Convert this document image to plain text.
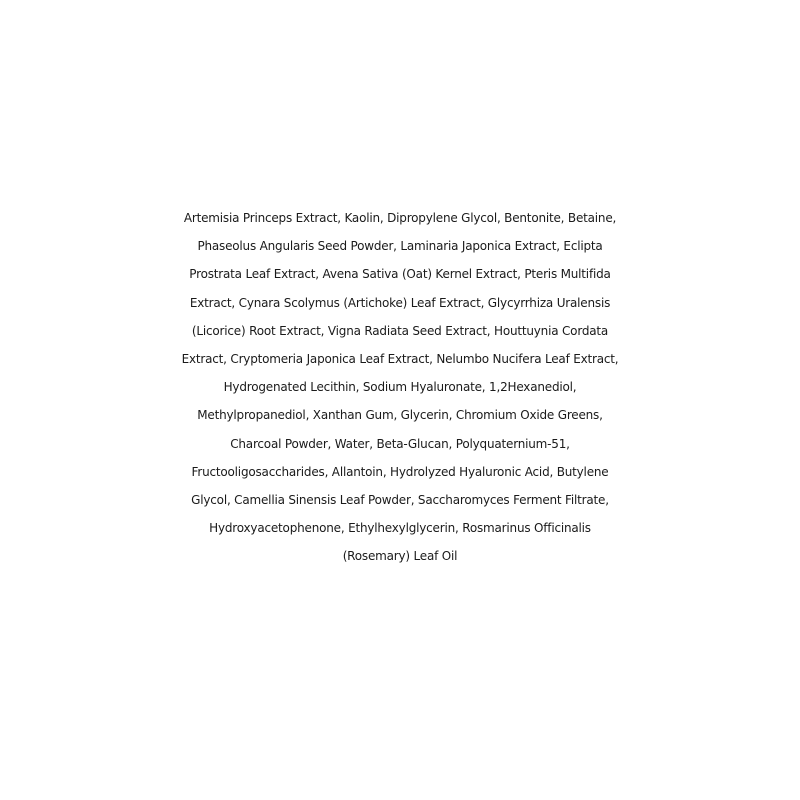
Artemisia Princeps Extract, Kaolin, Dipropylene Glycol, Bentonite, Betaine,
Phaseolus Angularis Seed Powder, Laminaria Japonica Extract, Eclipta
Prostrata Leaf Extract, Avena Sativa (Oat) Kernel Extract, Pteris Multifida
Extract, Cynara Scolymus (Artichoke) Leaf Extract, Glycyrrhiza Uralensis
(Licorice) Root Extract, Vigna Radiata Seed Extract, Houttuynia Cordata
Extract, Cryptomeria Japonica Leaf Extract, Nelumbo Nucifera Leaf Extract,
Hydrogenated Lecithin, Sodium Hyaluronate, 1,2Hexanediol,
Methylpropanediol, Xanthan Gum, Glycerin, Chromium Oxide Greens,
Charcoal Powder, Water, Beta-Glucan, Polyquaternium-51,
Fructooligosaccharides, Allantoin, Hydrolyzed Hyaluronic Acid, Butylene
Glycol, Camellia Sinensis Leaf Powder, Saccharomyces Ferment Filtrate,
Hydroxyacetophenone, Ethylhexylglycerin, Rosmarinus Officinalis
(Rosemary) Leaf Oil
